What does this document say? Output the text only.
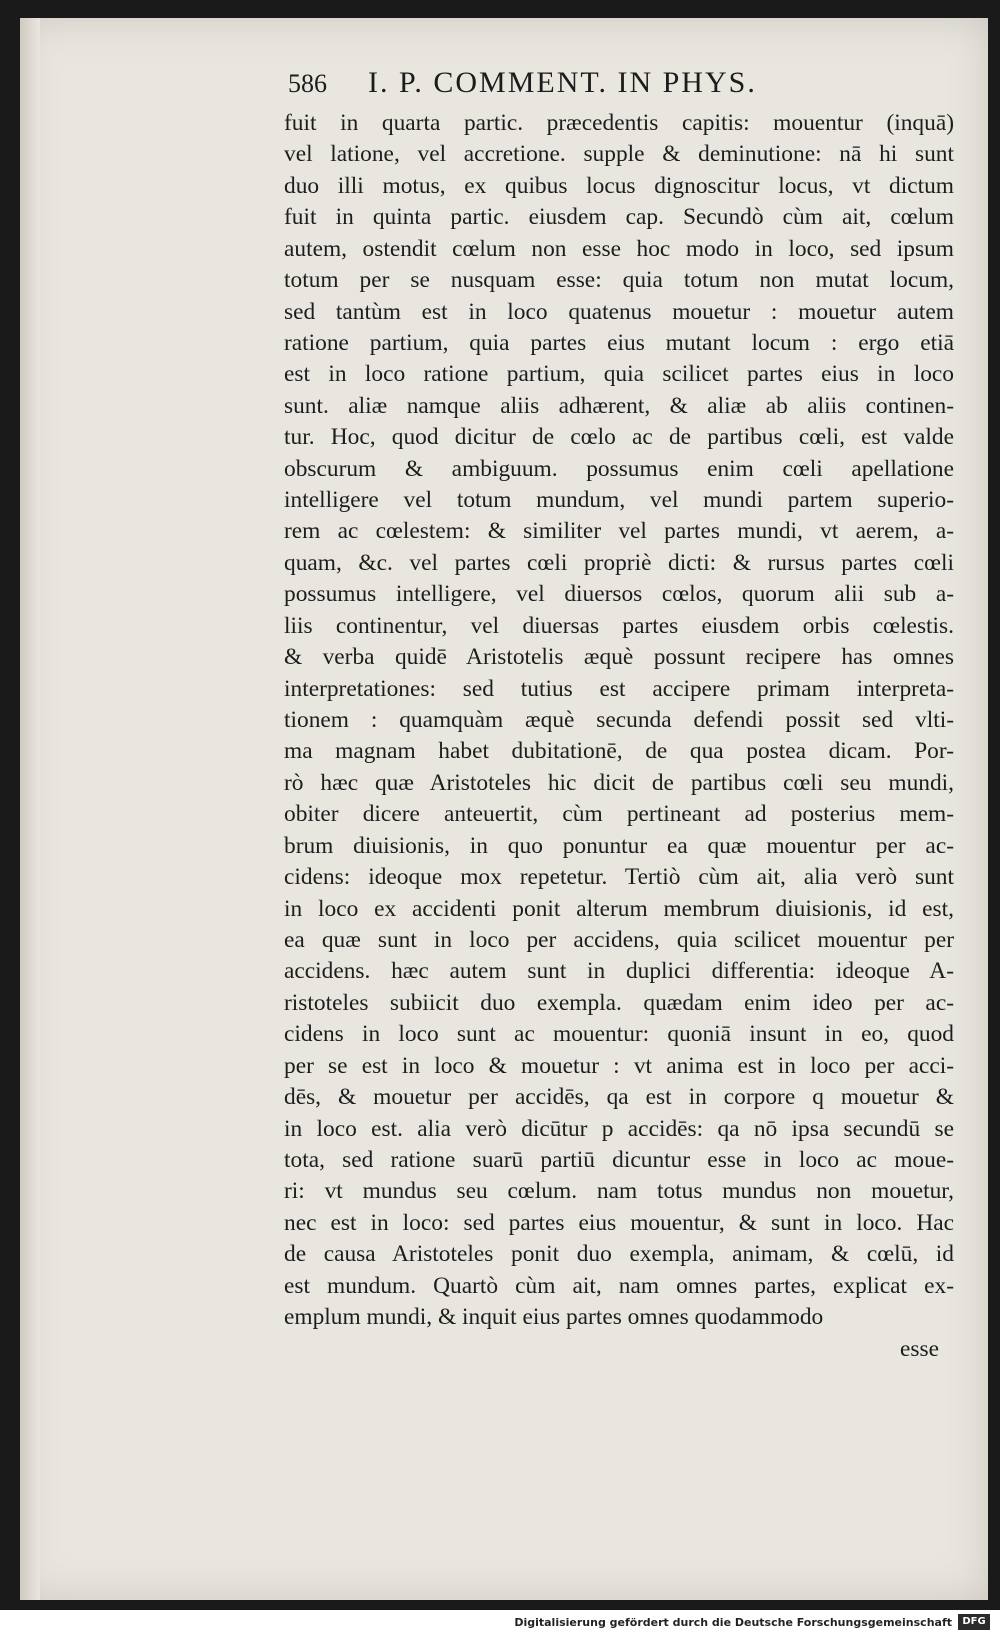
586 I. P. COMMENT. IN PHYS.
fuit in quarta partic. præcedentis capitis: mouentur (inquā)
vel latione, vel accretione. supple & deminutione: nā hi sunt
duo illi motus, ex quibus locus dignoscitur locus, vt dictum
fuit in quinta partic. eiusdem cap. Secundò cùm ait, cœlum
autem, ostendit cœlum non esse hoc modo in loco, sed ipsum
totum per se nusquam esse: quia totum non mutat locum,
sed tantùm est in loco quatenus mouetur : mouetur autem
ratione partium, quia partes eius mutant locum : ergo etiā
est in loco ratione partium, quia scilicet partes eius in loco
sunt. aliæ namque aliis adhærent, & aliæ ab aliis continen-
tur. Hoc, quod dicitur de cœlo ac de partibus cœli, est valde
obscurum & ambiguum. possumus enim cœli apellatione
intelligere vel totum mundum, vel mundi partem superio-
rem ac cœlestem: & similiter vel partes mundi, vt aerem, a-
quam, &c. vel partes cœli propriè dicti: & rursus partes cœli
possumus intelligere, vel diuersos cœlos, quorum alii sub a-
liis continentur, vel diuersas partes eiusdem orbis cœlestis.
& verba quidē Aristotelis æquè possunt recipere has omnes
interpretationes: sed tutius est accipere primam interpreta-
tionem : quamquàm æquè secunda defendi possit sed vlti-
ma magnam habet dubitationē, de qua postea dicam. Por-
rò hæc quæ Aristoteles hic dicit de partibus cœli seu mundi,
obiter dicere anteuertit, cùm pertineant ad posterius mem-
brum diuisionis, in quo ponuntur ea quæ mouentur per ac-
cidens: ideoque mox repetetur. Tertiò cùm ait, alia verò sunt
in loco ex accidenti ponit alterum membrum diuisionis, id est,
ea quæ sunt in loco per accidens, quia scilicet mouentur per
accidens. hæc autem sunt in duplici differentia: ideoque A-
ristoteles subiicit duo exempla. quædam enim ideo per ac-
cidens in loco sunt ac mouentur: quoniā insunt in eo, quod
per se est in loco & mouetur : vt anima est in loco per acci-
dēs, & mouetur per accidēs, qa est in corpore q mouetur &
in loco est. alia verò dicūtur p accidēs: qa nō ipsa secundū se
tota, sed ratione suarū partiū dicuntur esse in loco ac moue-
ri: vt mundus seu cœlum. nam totus mundus non mouetur,
nec est in loco: sed partes eius mouentur, & sunt in loco. Hac
de causa Aristoteles ponit duo exempla, animam, & cœlū, id
est mundum. Quartò cùm ait, nam omnes partes, explicat ex-
emplum mundi, & inquit eius partes omnes quodammodo
esse
Digitalisierung gefördert durch die Deutsche Forschungsgemeinschaft	DFG
